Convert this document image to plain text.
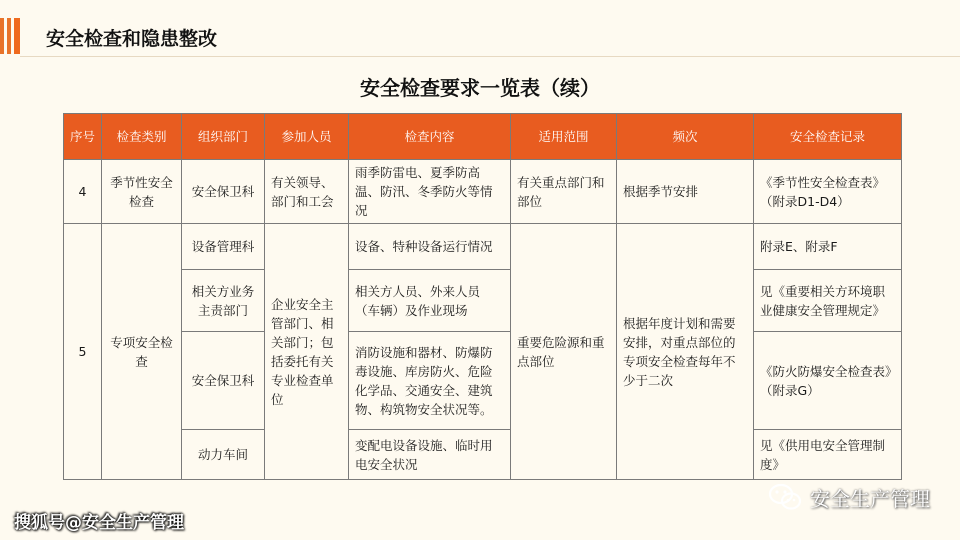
安全检查和隐患整改
安全检查要求一览表（续）
序号	检查类别	组织部门	参加人员	检查内容	适用范围	频次	安全检查记录
4	季节性安全检查	安全保卫科	有关领导、部门和工会	雨季防雷电、夏季防高温、防汛、冬季防火等情况	有关重点部门和部位	根据季节安排	《季节性安全检查表》（附录D1-D4）
5	专项安全检查	设备管理科	企业安全主管部门、相关部门；包括委托有关专业检查单位	设备、特种设备运行情况	重要危险源和重点部位	根据年度计划和需要安排，对重点部位的专项安全检查每年不少于二次	附录E、附录F
		相关方业务主责部门		相关方人员、外来人员（车辆）及作业现场			见《重要相关方环境职业健康安全管理规定》
		安全保卫科		消防设施和器材、防爆防毒设施、库房防火、危险化学品、交通安全、建筑物、构筑物安全状况等。			《防火防爆安全检查表》（附录G）
		动力车间		变配电设备设施、临时用电安全状况			见《供用电安全管理制度》
搜狐号@安全生产管理
安全生产管理
